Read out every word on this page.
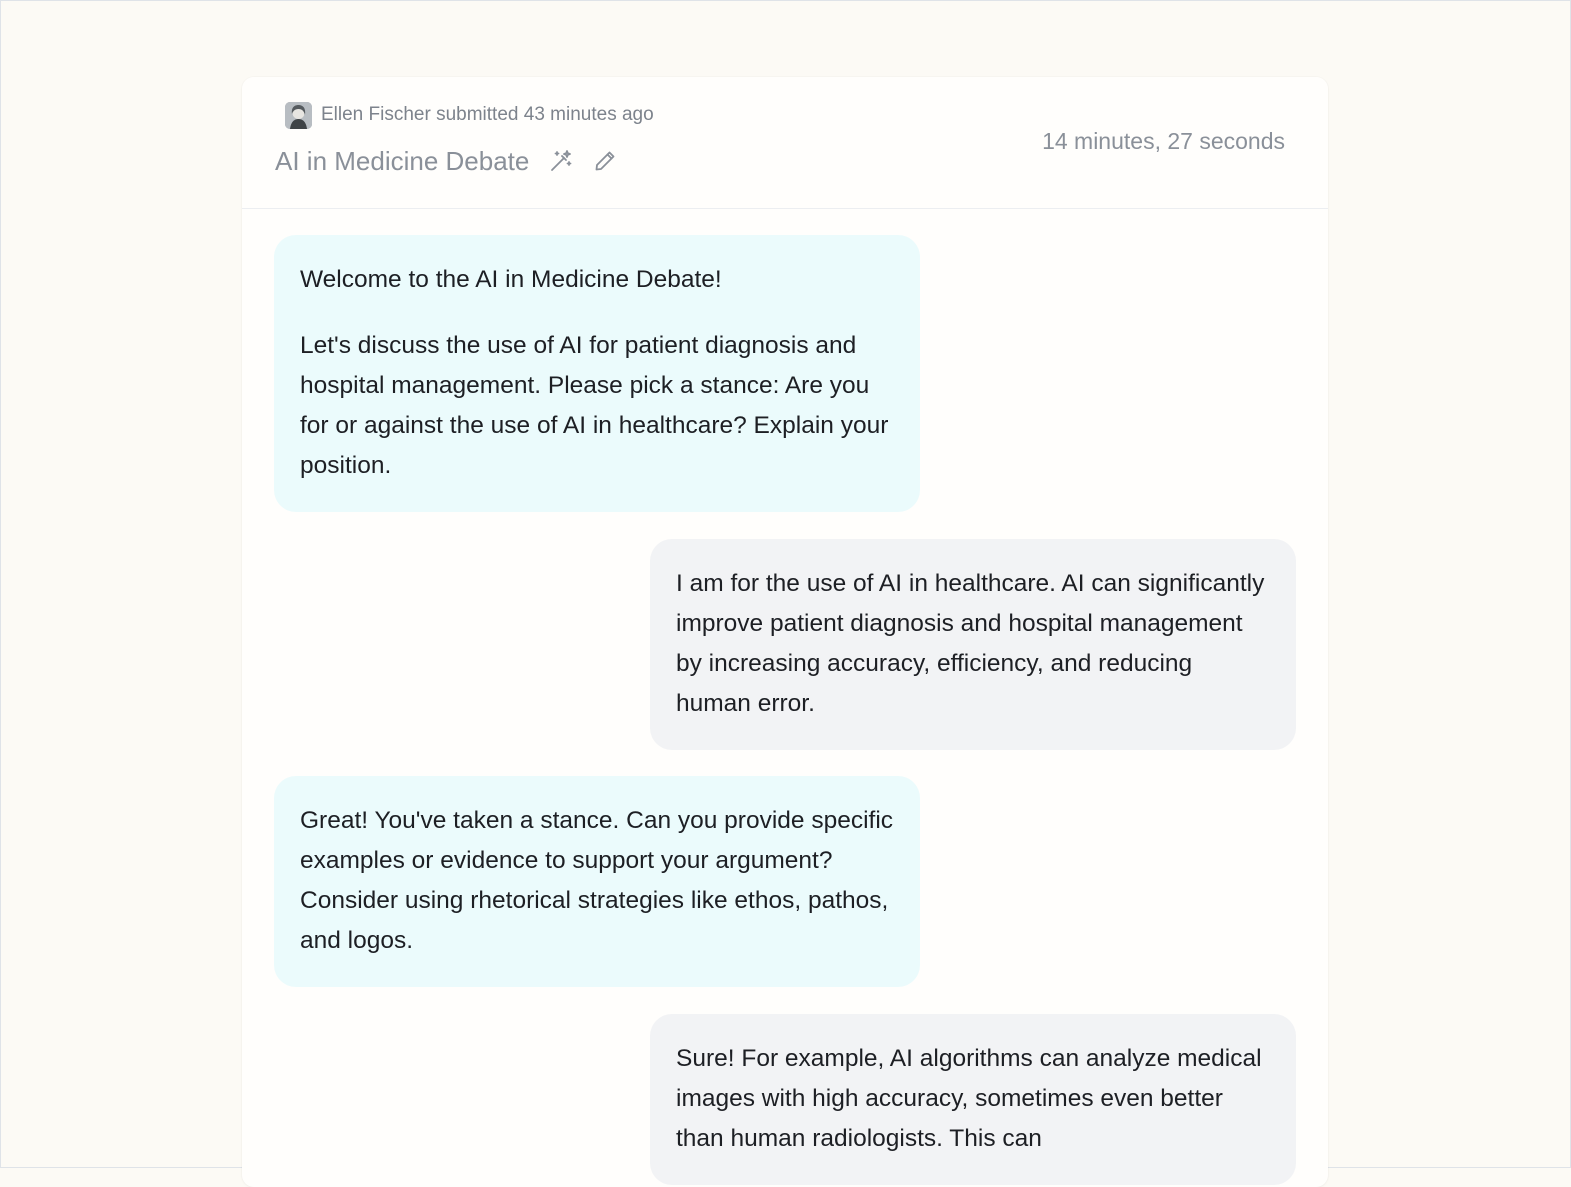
Ellen Fischer submitted 43 minutes ago
AI in Medicine Debate
14 minutes, 27 seconds

Welcome to the AI in Medicine Debate!

Let's discuss the use of AI for patient diagnosis and hospital management. Please pick a stance: Are you for or against the use of AI in healthcare? Explain your position.

I am for the use of AI in healthcare. AI can significantly improve patient diagnosis and hospital management by increasing accuracy, efficiency, and reducing human error.

Great! You've taken a stance. Can you provide specific examples or evidence to support your argument? Consider using rhetorical strategies like ethos, pathos, and logos.

Sure! For example, AI algorithms can analyze medical images with high accuracy, sometimes even better than human radiologists. This can
